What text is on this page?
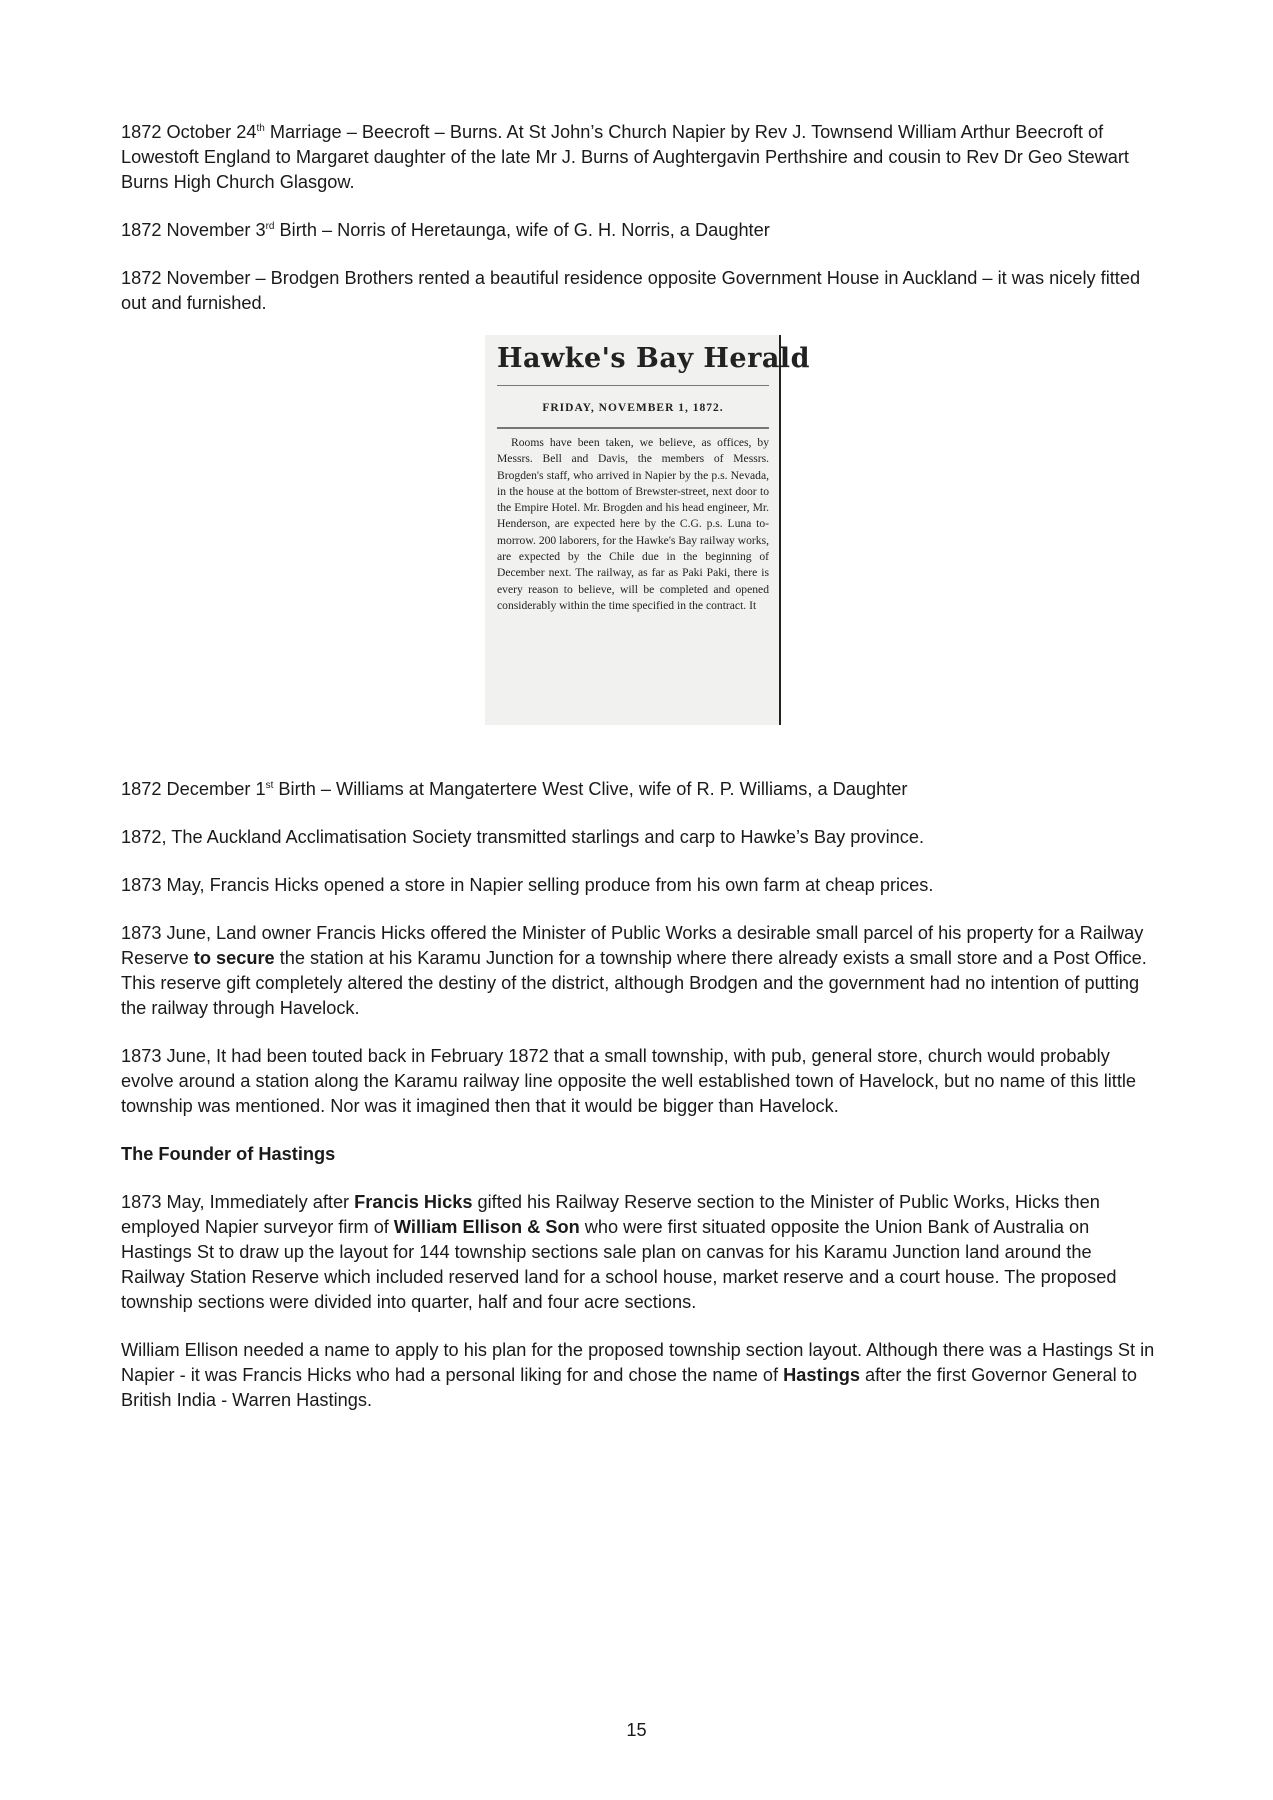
1872 October 24th Marriage – Beecroft – Burns. At St John’s Church Napier by Rev J. Townsend William Arthur Beecroft of Lowestoft England to Margaret daughter of the late Mr J. Burns of Aughtergavin Perthshire and cousin to Rev Dr Geo Stewart Burns High Church Glasgow.

1872 November 3rd Birth – Norris of Heretaunga, wife of G. H. Norris, a Daughter

1872 November – Brodgen Brothers rented a beautiful residence opposite Government House in Auckland – it was nicely fitted out and furnished.

Hawke's Bay Herald
FRIDAY, NOVEMBER 1, 1872.
Rooms have been taken, we believe, as offices, by Messrs. Bell and Davis, the members of Messrs. Brogden's staff, who arrived in Napier by the p.s. Nevada, in the house at the bottom of Brewster-street, next door to the Empire Hotel. Mr. Brogden and his head engineer, Mr. Henderson, are expected here by the C.G. p.s. Luna to-morrow. 200 laborers, for the Hawke's Bay railway works, are expected by the Chile due in the beginning of December next. The railway, as far as Paki Paki, there is every reason to believe, will be completed and opened considerably within the time specified in the contract. It

1872 December 1st Birth – Williams at Mangatertere West Clive, wife of R. P. Williams, a Daughter

1872, The Auckland Acclimatisation Society transmitted starlings and carp to Hawke’s Bay province.

1873 May, Francis Hicks opened a store in Napier selling produce from his own farm at cheap prices.

1873 June, Land owner Francis Hicks offered the Minister of Public Works a desirable small parcel of his property for a Railway Reserve to secure the station at his Karamu Junction for a township where there already exists a small store and a Post Office. This reserve gift completely altered the destiny of the district, although Brodgen and the government had no intention of putting the railway through Havelock.

1873 June, It had been touted back in February 1872 that a small township, with pub, general store, church would probably evolve around a station along the Karamu railway line opposite the well established town of Havelock, but no name of this little township was mentioned. Nor was it imagined then that it would be bigger than Havelock.

The Founder of Hastings

1873 May, Immediately after Francis Hicks gifted his Railway Reserve section to the Minister of Public Works, Hicks then employed Napier surveyor firm of William Ellison & Son who were first situated opposite the Union Bank of Australia on Hastings St to draw up the layout for 144 township sections sale plan on canvas for his Karamu Junction land around the Railway Station Reserve which included reserved land for a school house, market reserve and a court house. The proposed township sections were divided into quarter, half and four acre sections.

William Ellison needed a name to apply to his plan for the proposed township section layout. Although there was a Hastings St in Napier - it was Francis Hicks who had a personal liking for and chose the name of Hastings after the first Governor General to British India - Warren Hastings.

15
